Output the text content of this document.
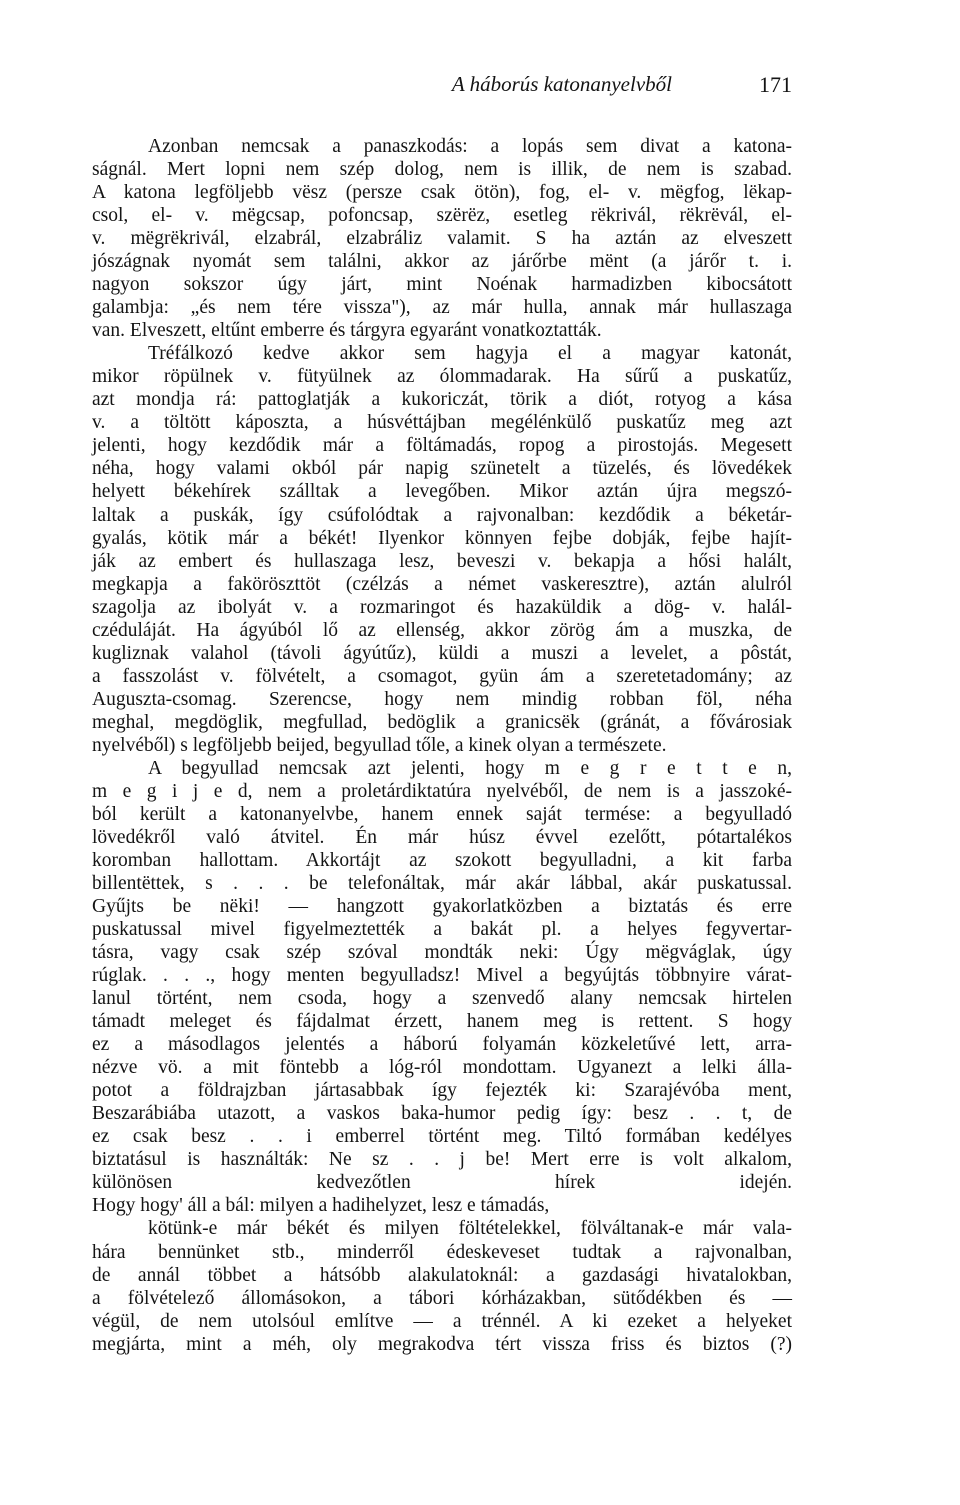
A háborús katonanyelvből	171
Azonban nemcsak a panaszkodás: a lopás sem divat a katona-
ságnál. Mert lopni nem szép dolog, nem is illik, de nem is szabad.
A katona legföljebb vësz (persze csak ötön), fog, el- v. mëgfog, lëkap-
csol, el- v. mëgcsap, pofoncsap, szërëz, esetleg rëkrivál, rëkrëvál, el-
v. mëgrëkrivál, elzabrál, elzabráliz valamit. S ha aztán az elveszett
jószágnak nyomát sem találni, akkor az járőrbe mënt (a járőr t. i.
nagyon sokszor úgy járt, mint Noénak harmadizben kibocsátott
galambja: „és nem tére vissza"), az már hulla, annak már hullaszaga
van. Elveszett, eltűnt emberre és tárgyra egyaránt vonatkoztatták.
Tréfálkozó kedve akkor sem hagyja el a magyar katonát,
mikor röpülnek v. fütyülnek az ólommadarak. Ha sűrű a puskatűz,
azt mondja rá: pattoglatják a kukoriczát, törik a diót, rotyog a kása
v. a töltött káposzta, a húsvéttájban megélénkülő puskatűz meg azt
jelenti, hogy kezdődik már a föltámadás, ropog a pirostojás. Megesett
néha, hogy valami okból pár napig szünetelt a tüzelés, és lövedékek
helyett békehírek szálltak a levegőben. Mikor aztán újra megszó-
laltak a puskák, így csúfolódtak a rajvonalban: kezdődik a béketár-
gyalás, kötik már a békét! Ilyenkor könnyen fejbe dobják, fejbe hajít-
ják az embert és hullaszaga lesz, beveszi v. bekapja a hősi halált,
megkapja a faköröszttöt (czélzás a német vaskeresztre), aztán alulról
szagolja az ibolyát v. a rozmaringot és hazaküldik a dög- v. halál-
czéduláját. Ha ágyúból lő az ellenség, akkor zörög ám a muszka, de
kugliznak valahol (távoli ágyútűz), küldi a muszi a levelet, a pôstát,
a fasszolást v. fölvételt, a csomagot, gyün ám a szeretetadomány; az
Auguszta-csomag. Szerencse, hogy nem mindig robban föl, néha
meghal, megdöglik, megfullad, bedöglik a granicsëk (gránát, a fővárosiak
nyelvéből) s legföljebb beijed, begyullad tőle, a kinek olyan a természete.
A begyullad nemcsak azt jelenti, hogy m e g r e t t e n,
m e g i j e d, nem a proletárdiktatúra nyelvéből, de nem is a jasszoké-
ból került a katonanyelvbe, hanem ennek saját termése: a begyulladó
lövedékről való átvitel. Én már húsz évvel ezelőtt, pótartalékos
koromban hallottam. Akkortájt az szokott begyulladni, a kit farba
billentëttek, s . . . be telefonáltak, már akár lábbal, akár puskatussal.
Gyűjts be nëki! — hangzott gyakorlatközben a biztatás és erre
puskatussal mivel figyelmeztették a bakát pl. a helyes fegyvertar-
tásra, vagy csak szép szóval mondták neki: Úgy mëgváglak, úgy
rúglak. . . ., hogy menten begyulladsz! Mivel a begyújtás többnyire várat-
lanul történt, nem csoda, hogy a szenvedő alany nemcsak hirtelen
támadt meleget és fájdalmat érzett, hanem meg is rettent. S hogy
ez a másodlagos jelentés a háború folyamán közkeletűvé lett, arra-
nézve vö. a mit föntebb a lóg-ról mondottam. Ugyanezt a lelki álla-
potot a földrajzban jártasabbak így fejezték ki: Szarajévóba ment,
Beszarábiába utazott, a vaskos baka-humor pedig így: besz . . t, de
ez csak besz . . i emberrel történt meg. Tiltó formában kedélyes
biztatásul is használták: Ne sz . . j be! Mert erre is volt alkalom,
különösen kedvezőtlen hírek idején.
Hogy hogy' áll a bál: milyen a hadihelyzet, lesz e támadás,
kötünk-e már békét és milyen föltételekkel, fölváltanak-e már vala-
hára bennünket stb., minderről édeskeveset tudtak a rajvonalban,
de annál többet a hátsóbb alakulatoknál: a gazdasági hivatalokban,
a fölvételező állomásokon, a tábori kórházakban, sütődékben és —
végül, de nem utolsóul említve — a trénnél. A ki ezeket a helyeket
megjárta, mint a méh, oly megrakodva tért vissza friss és biztos (?)
